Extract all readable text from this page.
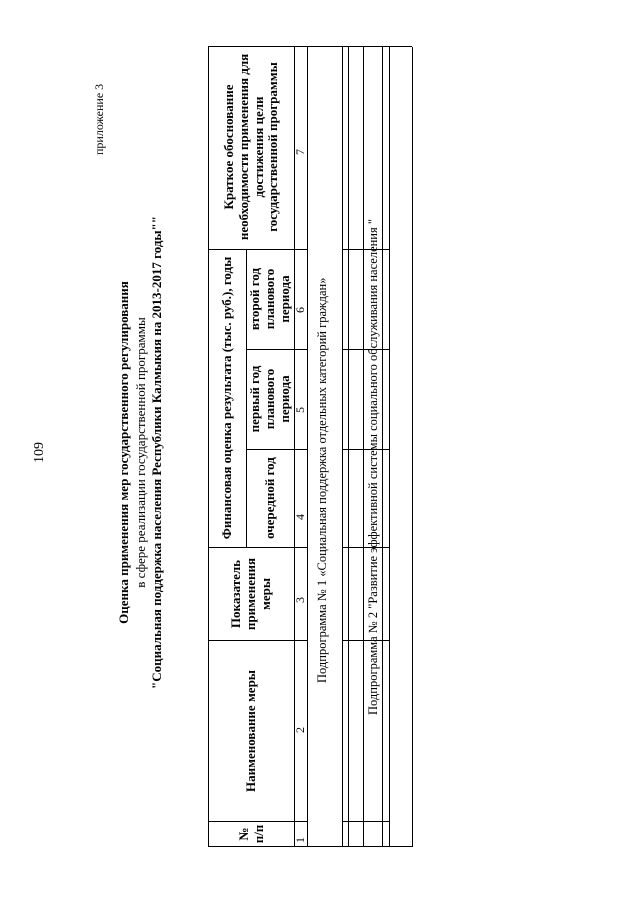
109
приложение 3
Оценка применения мер государственного регулирования в сфере реализации государственной программы "Социальная поддержка населения Республики Калмыкия на 2013-2017 годы""
№ п/п
Наименование меры
Показатель применения меры
Финансовая оценка результата (тыс. руб.), годы	очередной год
первый год планового периода
второй год планового периода
Краткое обоснование необходимости применения для достижения цели государственной программы
1
2
3
4
5
6
7
Подпрограмма № 1 «Социальная поддержка отдельных категорий граждан»	Подпрограмма № 2 "Развитие эффективной системы социального обслуживания населения "
